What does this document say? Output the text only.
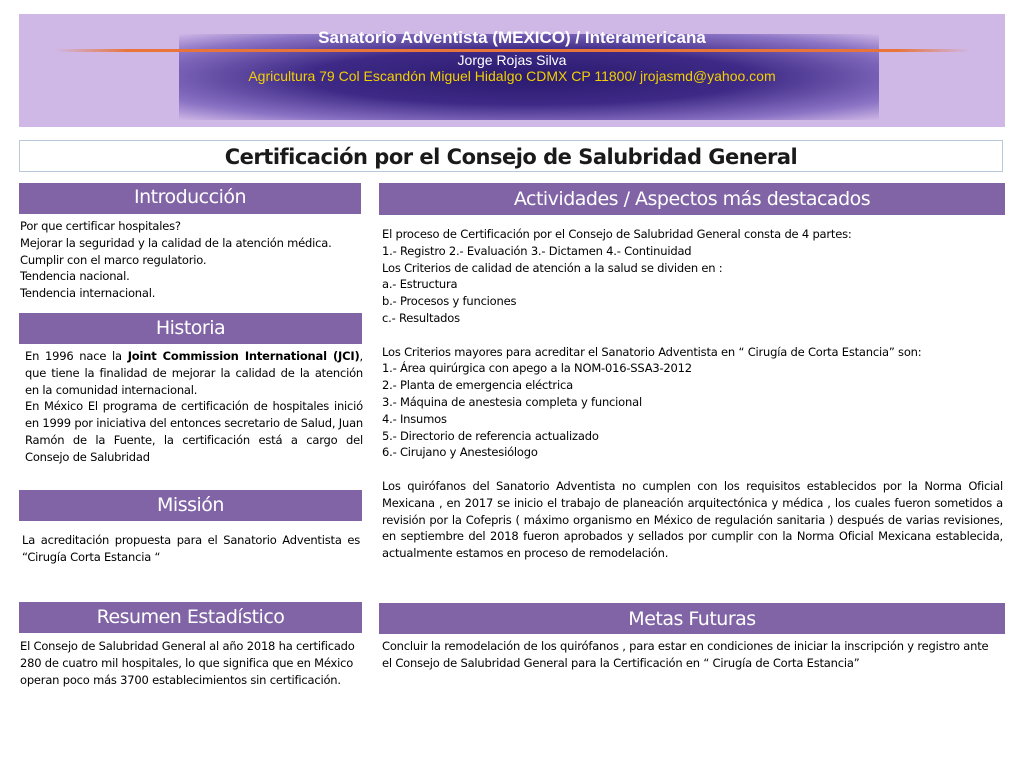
Sanatorio Adventista (MEXICO) / Interamericana
Jorge Rojas Silva
Agricultura 79 Col Escandón Miguel Hidalgo CDMX CP 11800/ jrojasmd@yahoo.com
Certificación por el Consejo de Salubridad General
Introducción
Por que certificar hospitales?
Mejorar la seguridad y la calidad de la atención médica.
Cumplir con el marco regulatorio.
Tendencia nacional.
Tendencia internacional.
Historia
En 1996 nace la Joint Commission International (JCI), que tiene la finalidad de mejorar la calidad de la atención en la comunidad internacional.
En México El programa de certificación de hospitales inició en 1999 por iniciativa del entonces secretario de Salud, Juan Ramón de la Fuente, la certificación está a cargo del Consejo de Salubridad
Missión
La acreditación propuesta para el Sanatorio Adventista es “Cirugía Corta Estancia “
Resumen Estadístico
El Consejo de Salubridad General al año 2018 ha certificado
280 de cuatro mil hospitales, lo que significa que en México
operan poco más 3700 establecimientos sin certificación.
Actividades / Aspectos más destacados
El proceso de Certificación por el Consejo de Salubridad General consta de 4 partes:
1.- Registro 2.- Evaluación 3.- Dictamen 4.- Continuidad
Los Criterios de calidad de atención a la salud se dividen en :
a.- Estructura
b.- Procesos y funciones
c.- Resultados
Los Criterios mayores para acreditar el Sanatorio Adventista en “ Cirugía de Corta Estancia” son:
1.- Área quirúrgica con apego a la NOM-016-SSA3-2012
2.- Planta de emergencia eléctrica
3.- Máquina de anestesia completa y funcional
4.- Insumos
5.- Directorio de referencia actualizado
6.- Cirujano y Anestesiólogo
Los quirófanos del Sanatorio Adventista no cumplen con los requisitos establecidos por la Norma Oficial Mexicana , en 2017 se inicio el trabajo de planeación arquitectónica y médica , los cuales fueron sometidos a revisión por la Cofepris ( máximo organismo en México de regulación sanitaria ) después de varias revisiones, en septiembre del 2018 fueron aprobados y sellados por cumplir con la Norma Oficial Mexicana establecida, actualmente estamos en proceso de remodelación.
Metas Futuras
Concluir la remodelación de los quirófanos , para estar en condiciones de iniciar la inscripción y registro ante
el Consejo de Salubridad General para la Certificación en “ Cirugía de Corta Estancia”
